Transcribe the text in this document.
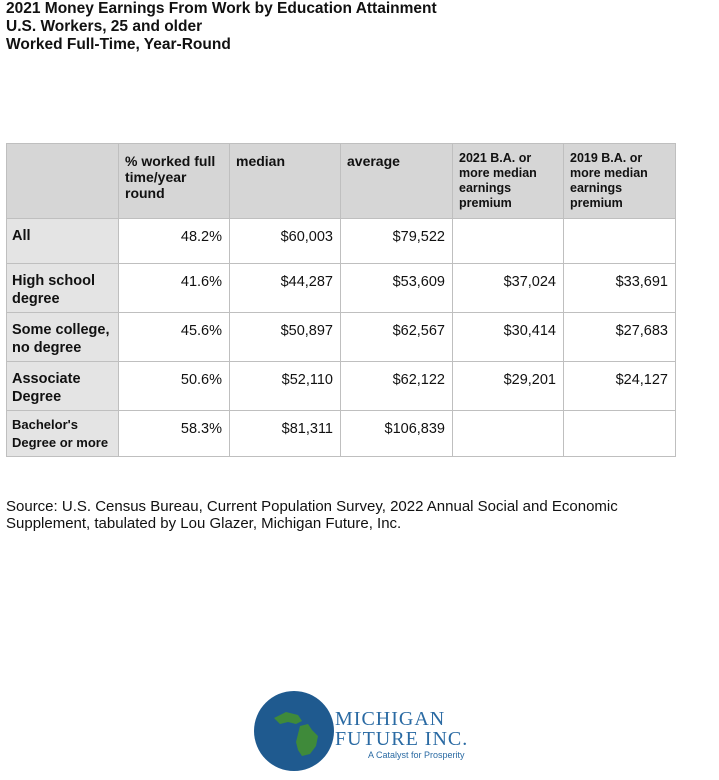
2021 Money Earnings From Work by Education Attainment
U.S. Workers, 25 and older
Worked Full-Time, Year-Round
	% worked full time/year round	median	average	2021 B.A. or more median earnings premium	2019 B.A. or more median earnings premium
All	48.2%	$60,003	$79,522		
High school degree	41.6%	$44,287	$53,609	$37,024	$33,691
Some college, no degree	45.6%	$50,897	$62,567	$30,414	$27,683
Associate Degree	50.6%	$52,110	$62,122	$29,201	$24,127
Bachelor's Degree or more	58.3%	$81,311	$106,839		
Source: U.S. Census Bureau, Current Population Survey, 2022 Annual Social and Economic Supplement, tabulated by Lou Glazer, Michigan Future, Inc.
MICHIGAN
FUTURE INC.
A Catalyst for Prosperity
